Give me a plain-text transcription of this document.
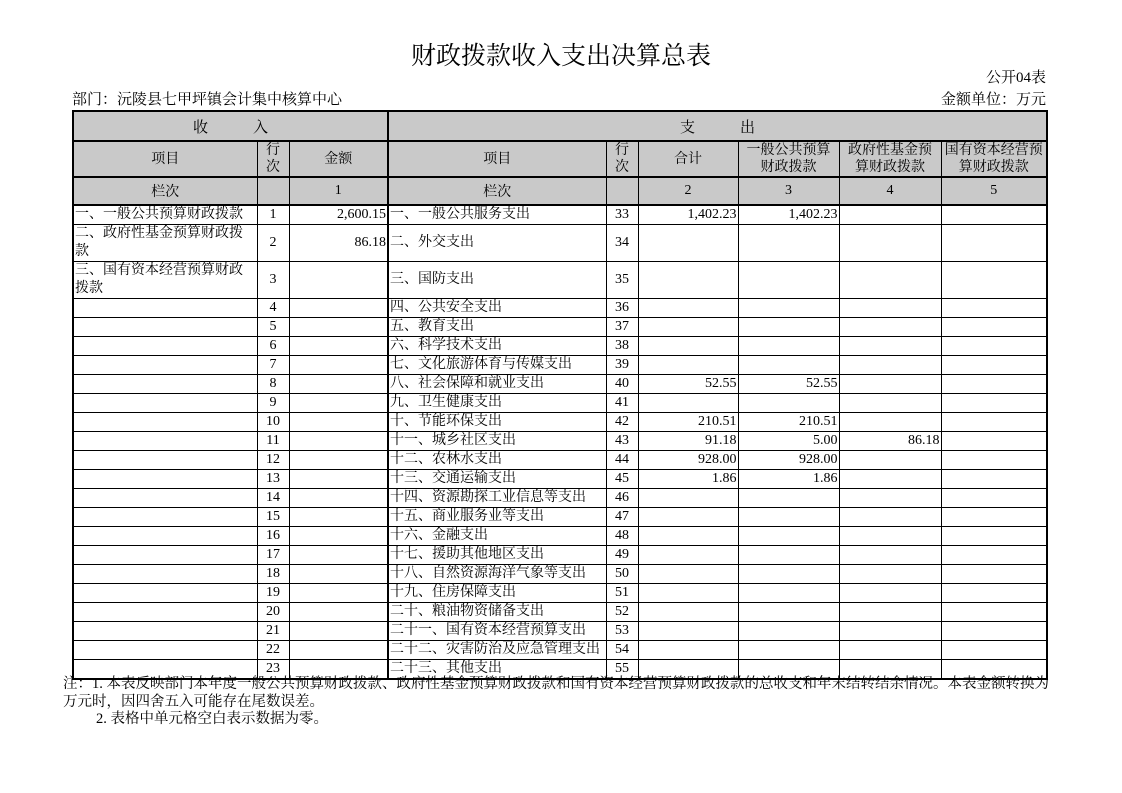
财政拨款收入支出决算总表
公开04表
部门：沅陵县七甲坪镇会计集中核算中心	金额单位：万元
收　　　入			支　　　出					
项目	行次	金额	项目	行次	合计	一般公共预算财政拨款	政府性基金预算财政拨款	国有资本经营预算财政拨款
栏次		1	栏次		2	3	4	5
一、一般公共预算财政拨款	1	2,600.15	一、一般公共服务支出	33	1,402.23	1,402.23		
二、政府性基金预算财政拨款	2	86.18	二、外交支出	34				
三、国有资本经营预算财政拨款	3		三、国防支出	35				
	4		四、公共安全支出	36				
	5		五、教育支出	37				
	6		六、科学技术支出	38				
	7		七、文化旅游体育与传媒支出	39				
	8		八、社会保障和就业支出	40	52.55	52.55		
	9		九、卫生健康支出	41				
	10		十、节能环保支出	42	210.51	210.51		
	11		十一、城乡社区支出	43	91.18	5.00	86.18	
	12		十二、农林水支出	44	928.00	928.00		
	13		十三、交通运输支出	45	1.86	1.86		
	14		十四、资源勘探工业信息等支出	46				
	15		十五、商业服务业等支出	47				
	16		十六、金融支出	48				
	17		十七、援助其他地区支出	49				
	18		十八、自然资源海洋气象等支出	50				
	19		十九、住房保障支出	51				
	20		二十、粮油物资储备支出	52				
	21		二十一、国有资本经营预算支出	53				
	22		二十二、灾害防治及应急管理支出	54				
	23		二十三、其他支出	55				

注：1. 本表反映部门本年度一般公共预算财政拨款、政府性基金预算财政拨款和国有资本经营预算财政拨款的总收支和年末结转结余情况。本表金额转换为万元时，因四舍五入可能存在尾数误差。

2. 表格中单元格空白表示数据为零。
